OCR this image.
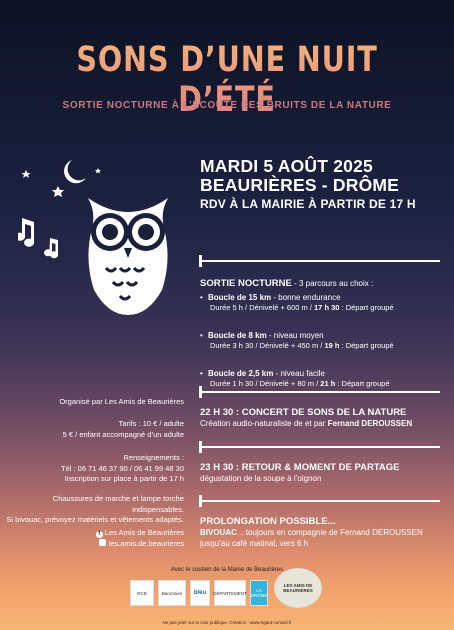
SONS D’UNE NUIT D’ÉTÉ
SORTIE NOCTURNE À L’ÉCOUTE DES BRUITS DE LA NATURE
MARDI 5 AOÛT 2025
BEAURIÈRES - DRÔME
RDV À LA MAIRIE À PARTIR DE 17 H
SORTIE NOCTURNE - 3 parcours au choix :
• Boucle de 15 km - bonne endurance
Durée 5 h / Dénivelé + 600 m / 17 h 30 : Départ groupé
• Boucle de 8 km - niveau moyen
Durée 3 h 30 / Dénivelé + 450 m / 19 h : Départ groupé
• Boucle de 2,5 km - niveau facile
Durée 1 h 30 / Dénivelé + 80 m / 21 h : Départ groupé
22 H 30 : CONCERT DE SONS DE LA NATURE
Création audio-naturaliste de et par Fernand DEROUSSEN
23 H 30 : RETOUR & MOMENT DE PARTAGE
dégustation de la soupe à l’oignon
PROLONGATION POSSIBLE...
BIVOUAC... toujours en compagnie de Fernand DEROUSSEN
jusqu’au café matinal, vers 6 h
Organisé par Les Amis de Beaurières
Tarifs : 10 € / adulte
5 € / enfant accompagné d’un adulte
Renseignements :
Tél : 06 71 46 37 90 / 06 41 99 48 30
Inscription sur place à partir de 17 h
Chaussures de marche et lampe torche indispensables.
Si bivouac, prévoyez matériels et vêtements adaptés.
f Les Amis de Beaurières
les.amis.de.beaurieres
Avec le soutien de la Mairie de Beaurières
RCB	Baronnies	bleu	DÉPARTEMENT	LA DRÔME
LES AMIS DE BEAURIÈRES
Ne pas jeter sur la voie publique. Création : www.rigaut-conseil.fr
